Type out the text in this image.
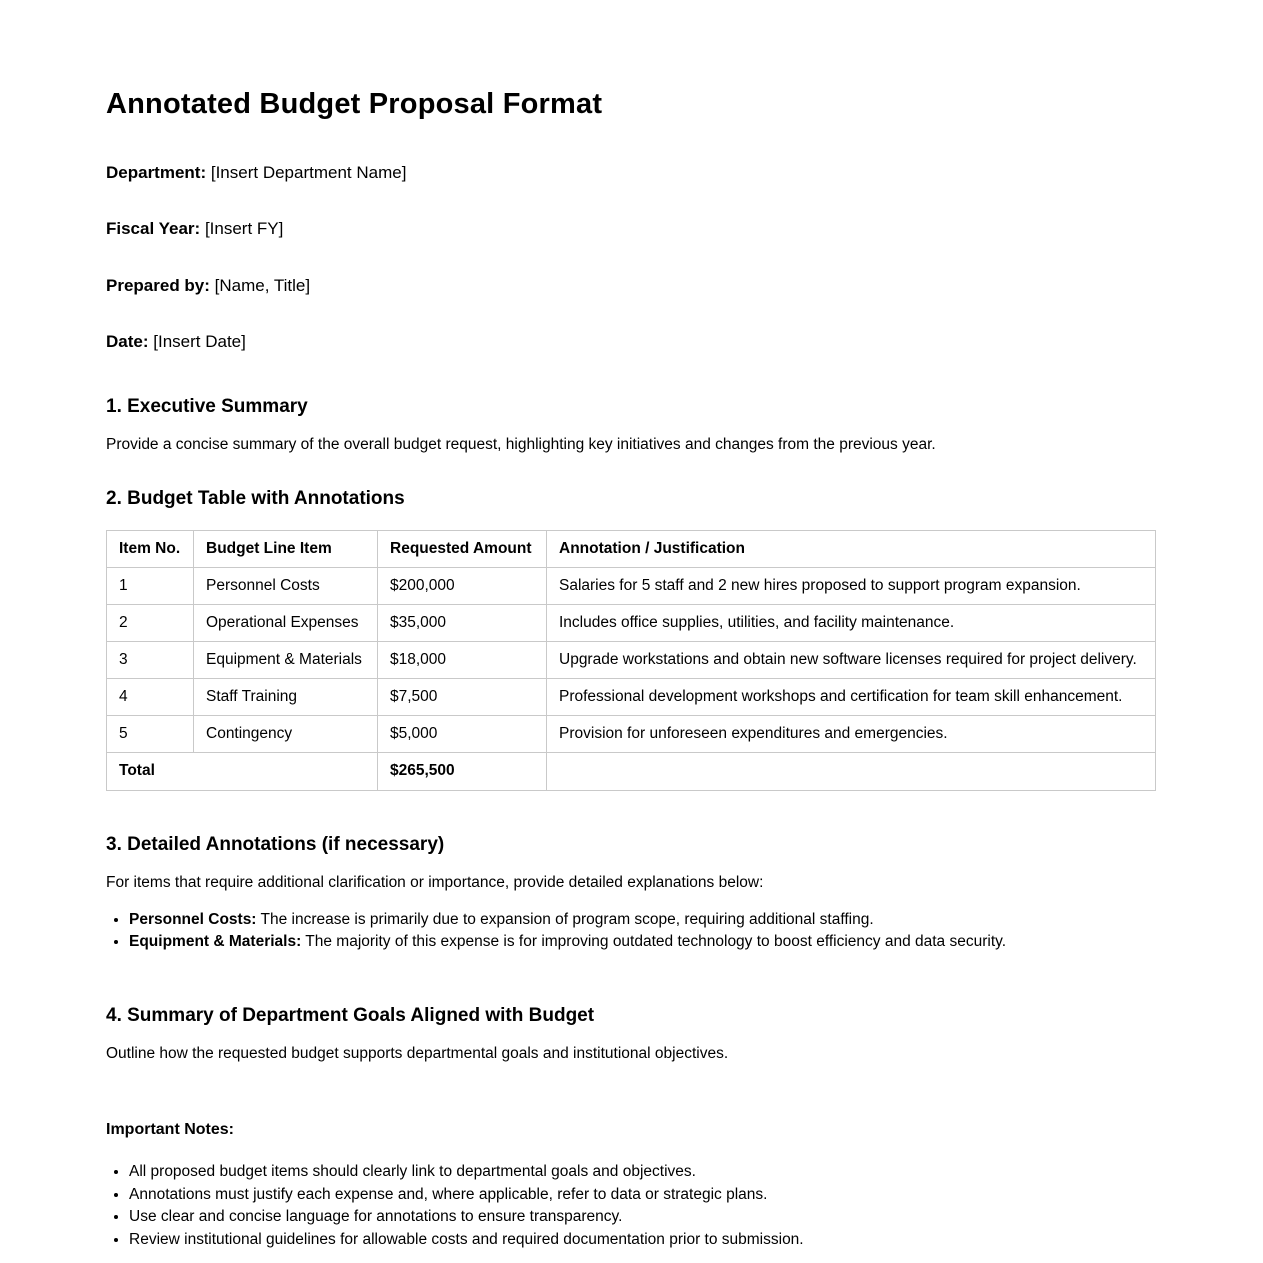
Annotated Budget Proposal Format

Department: [Insert Department Name]

Fiscal Year: [Insert FY]

Prepared by: [Name, Title]

Date: [Insert Date]

1. Executive Summary

Provide a concise summary of the overall budget request, highlighting key initiatives and changes from the previous year.

2. Budget Table with Annotations
Item No.	Budget Line Item	Requested Amount	Annotation / Justification
1	Personnel Costs	$200,000	Salaries for 5 staff and 2 new hires proposed to support program expansion.
2	Operational Expenses	$35,000	Includes office supplies, utilities, and facility maintenance.
3	Equipment & Materials	$18,000	Upgrade workstations and obtain new software licenses required for project delivery.
4	Staff Training	$7,500	Professional development workshops and certification for team skill enhancement.
5	Contingency	$5,000	Provision for unforeseen expenditures and emergencies.
Total		$265,500	
3. Detailed Annotations (if necessary)

For items that require additional clarification or importance, provide detailed explanations below:

• Personnel Costs: The increase is primarily due to expansion of program scope, requiring additional staffing.
• Equipment & Materials: The majority of this expense is for improving outdated technology to boost efficiency and data security.
4. Summary of Department Goals Aligned with Budget

Outline how the requested budget supports departmental goals and institutional objectives.

Important Notes:
• All proposed budget items should clearly link to departmental goals and objectives.
• Annotations must justify each expense and, where applicable, refer to data or strategic plans.
• Use clear and concise language for annotations to ensure transparency.
• Review institutional guidelines for allowable costs and required documentation prior to submission.
